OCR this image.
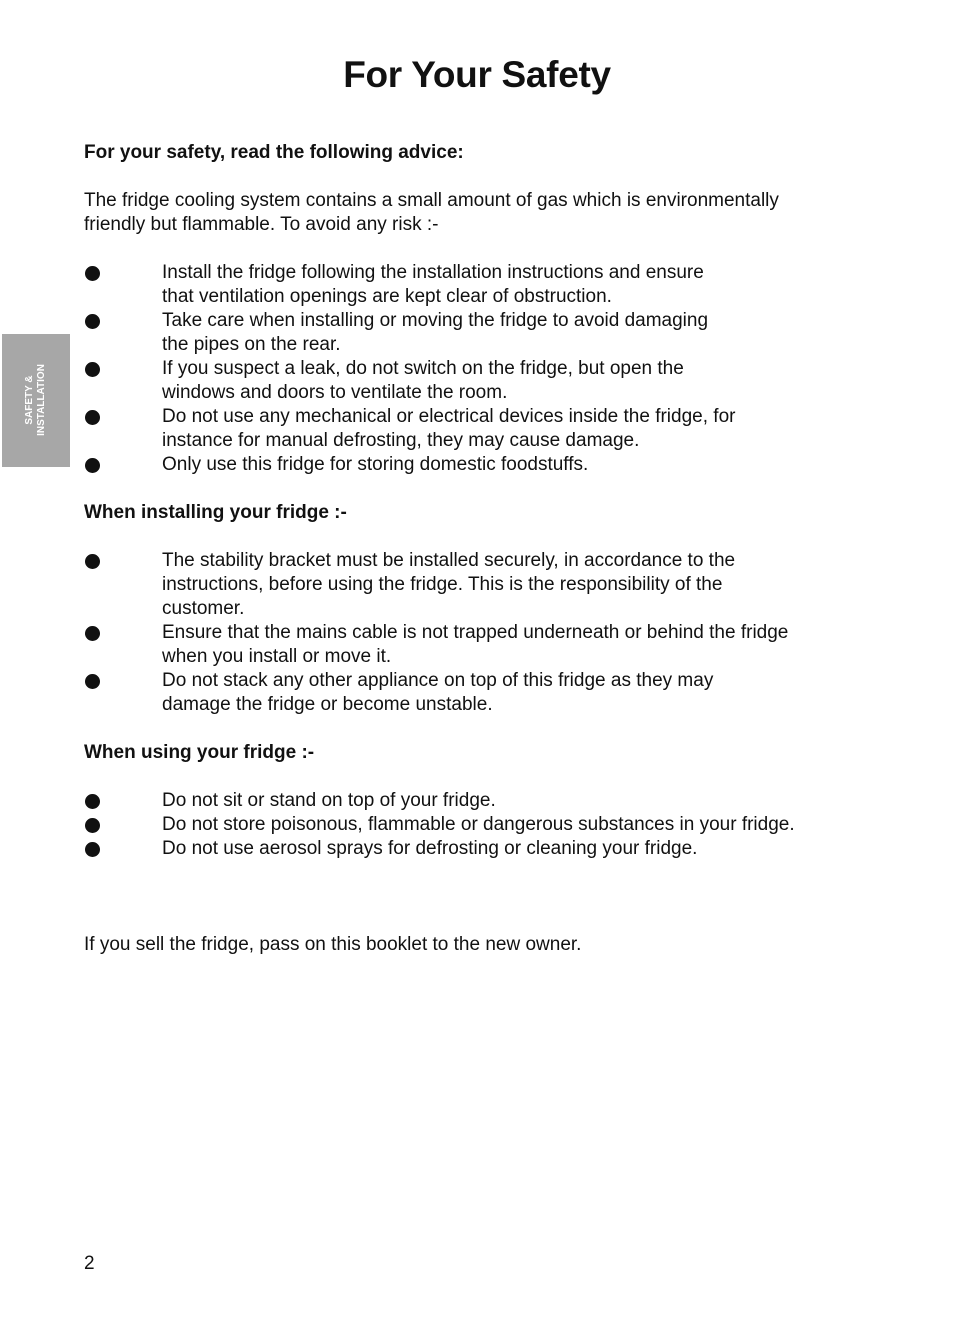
For Your Safety
SAFETY &
INSTALLATION

For your safety, read the following advice:

The fridge cooling system contains a small amount of gas which is environmentally
friendly but flammable. To avoid any risk :-

Install the fridge following the installation instructions and ensure
that ventilation openings are kept clear of obstruction.
Take care when installing or moving the fridge to avoid damaging
the pipes on the rear.
If you suspect a leak, do not switch on the fridge, but open the
windows and doors to ventilate the room.
Do not use any mechanical or electrical devices inside the fridge, for
instance for manual defrosting, they may cause damage.
Only use this fridge for storing domestic foodstuffs.

When installing your fridge :-

The stability bracket must be installed securely, in accordance to the
instructions, before using the fridge. This is the responsibility of the
customer.
Ensure that the mains cable is not trapped underneath or behind the fridge
when you install or move it.
Do not stack any other appliance on top of this fridge as they may
damage the fridge or become unstable.

When using your fridge :-

Do not sit or stand on top of your fridge.
Do not store poisonous, flammable or dangerous substances in your fridge.
Do not use aerosol sprays for defrosting or cleaning your fridge.

If you sell the fridge, pass on this booklet to the new owner.

2
